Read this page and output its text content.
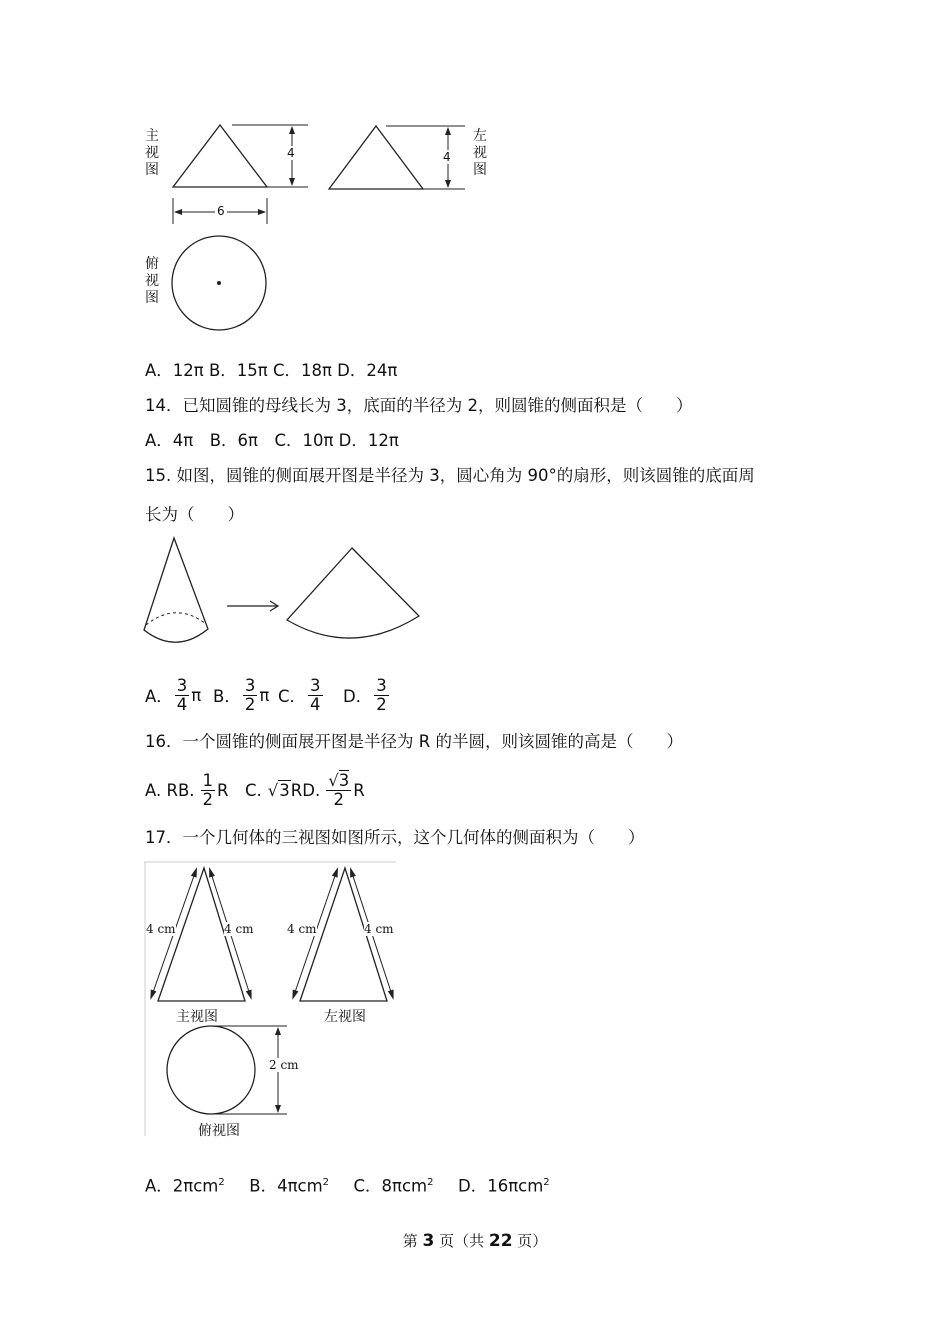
主
视
图
左
视
图
俯
视
图
4	4
6
A．12π B．15π C．18π D．24π
14．已知圆锥的母线长为 3，底面的半径为 2，则圆锥的侧面积是（　　）
A．4π　B．6π　C．10π D．12π
15. 如图，圆锥的侧面展开图是半径为 3，圆心角为 90°的扇形，则该圆锥的底面周
长为（　　）
A． $\frac{3}{4}$ π B． $\frac{3}{2}$ π C． $\frac{3}{4}$ D． $\frac{3}{2}$
16．一个圆锥的侧面展开图是半径为 R 的半圆，则该圆锥的高是（　　）
A. RB. $\frac{1}{2}$ R C. √3 R D. $\frac{√3}{2}$ R
17．一个几何体的三视图如图所示，这个几何体的侧面积为（　　）
4 cm	4 cm	4 cm	4 cm
主视图	左视图
2 cm
俯视图
A．2πcm$^2$ B．4πcm$^2$ C．8πcm$^2$ D．16πcm$^2$
第 3 页（共 22 页）
